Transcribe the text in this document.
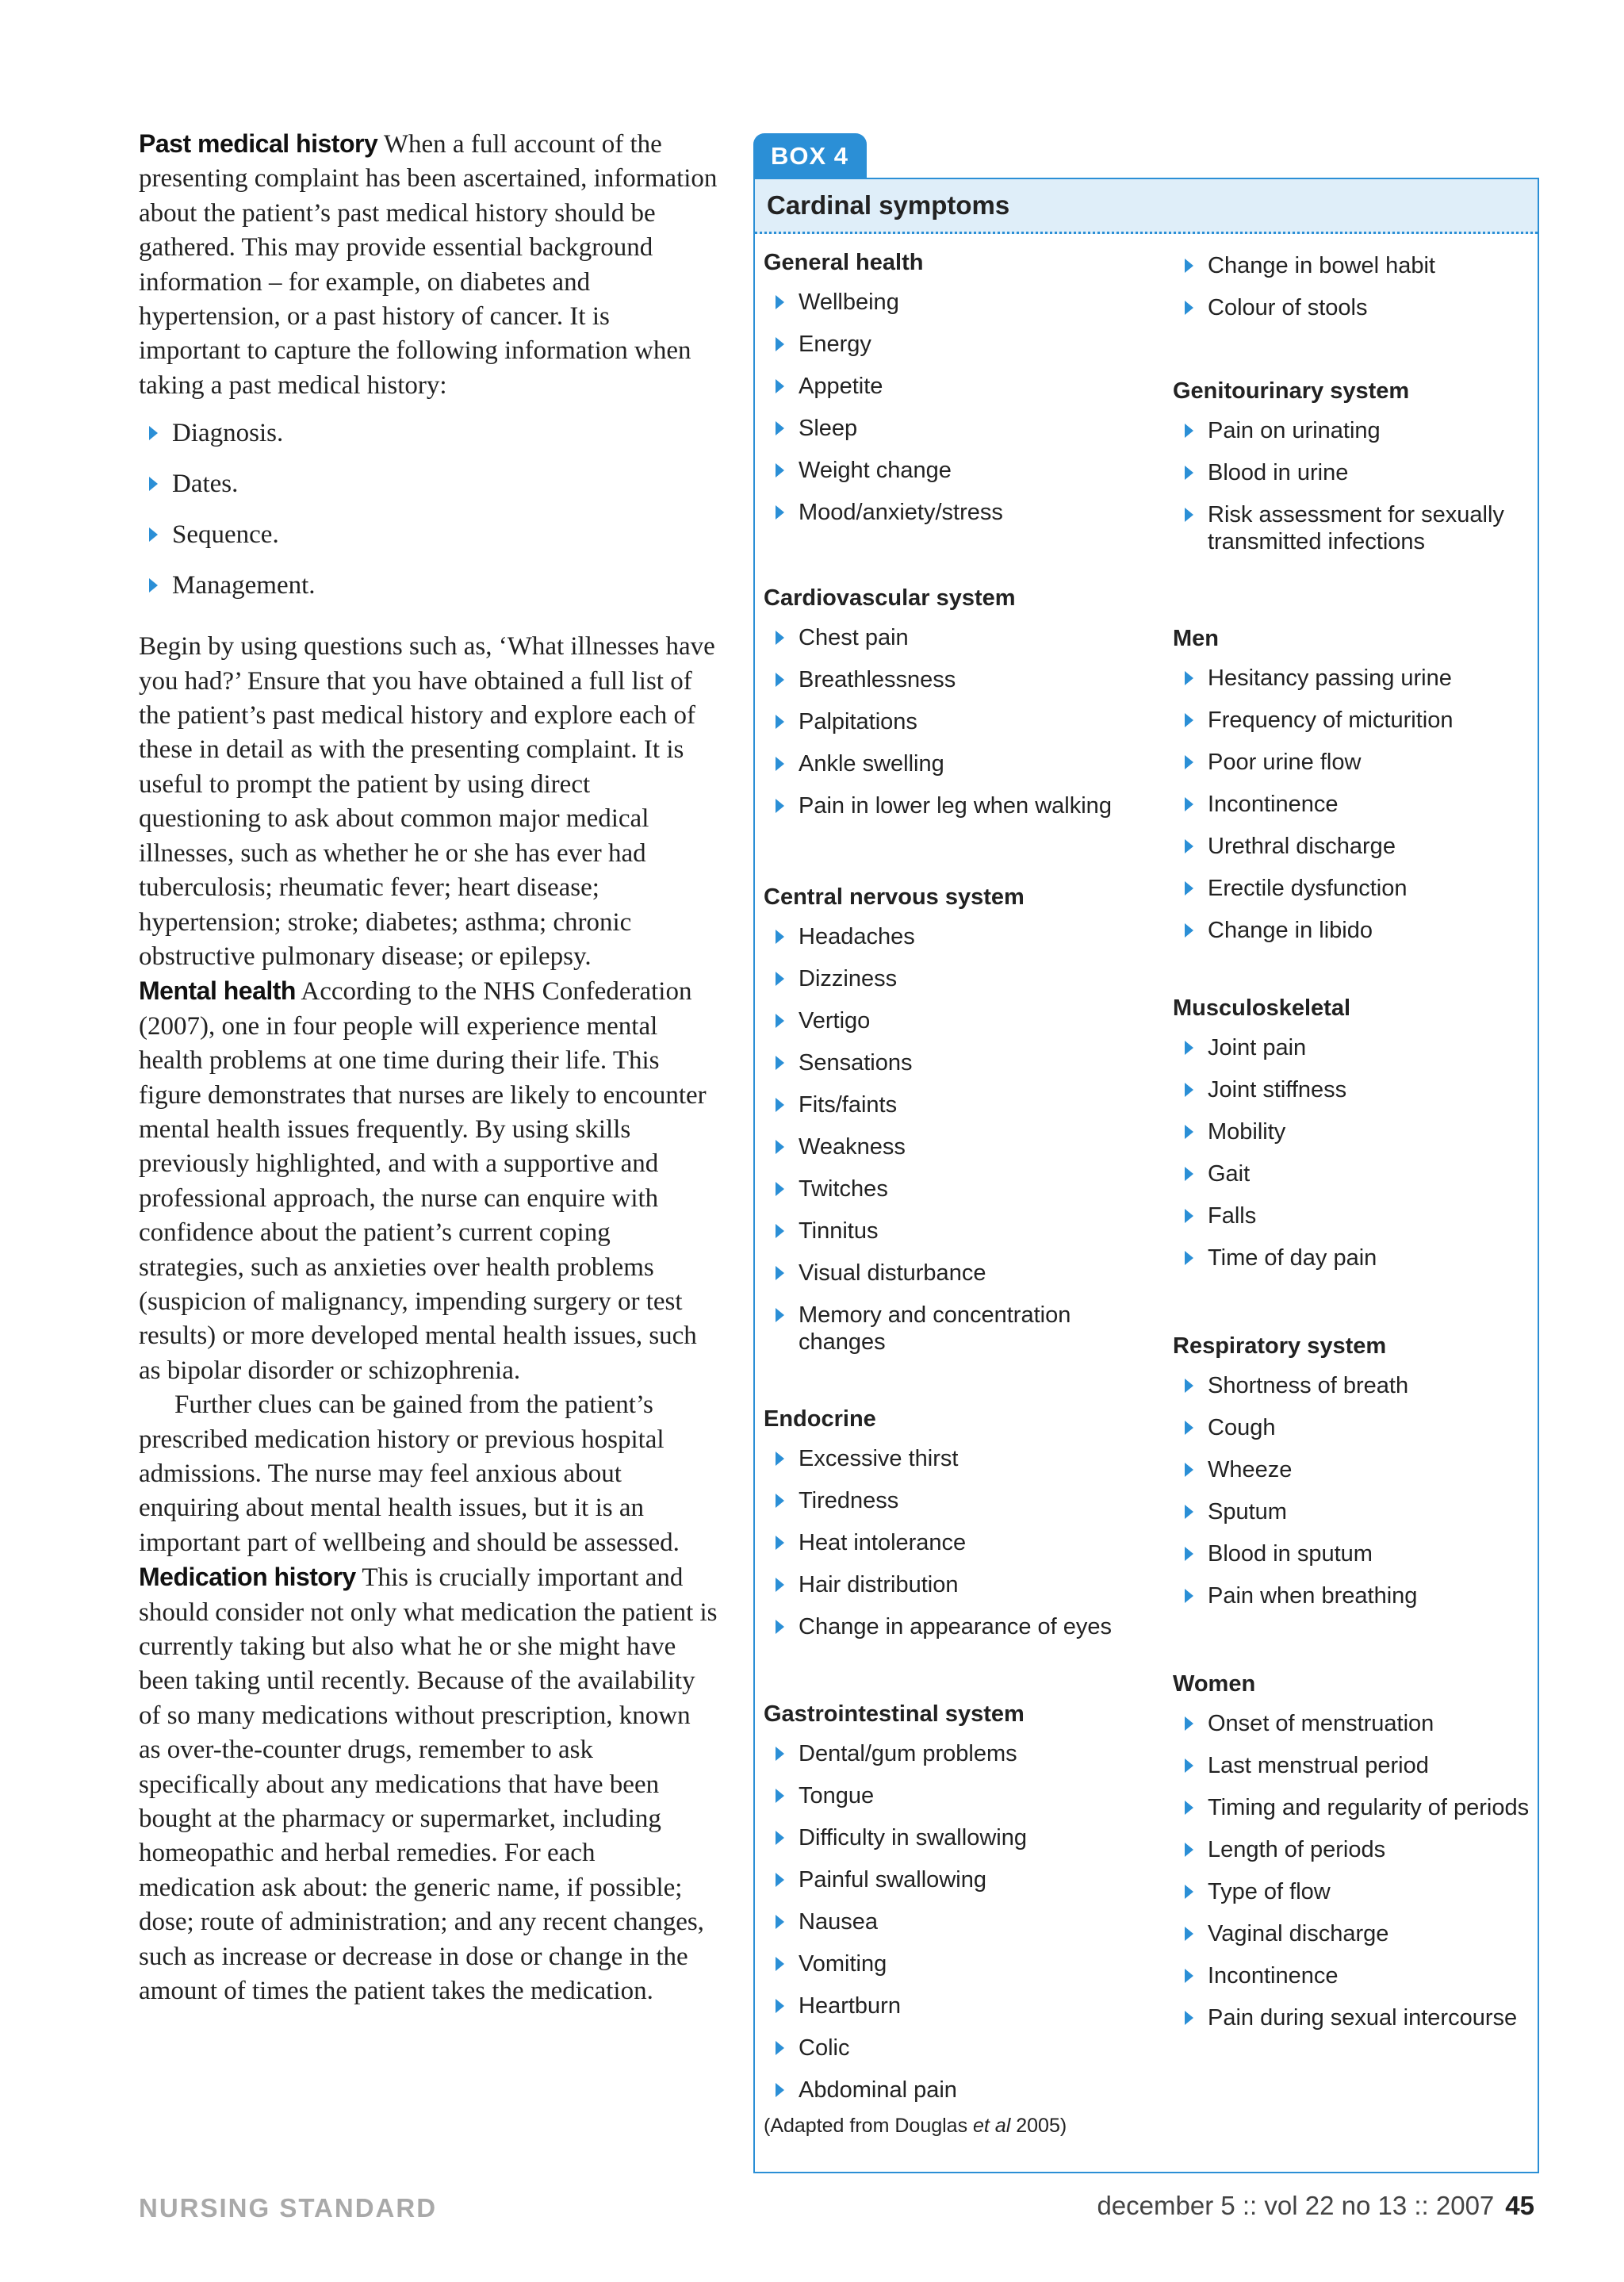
Past medical history When a full account of the presenting complaint has been ascertained, information about the patient’s past medical history should be gathered. This may provide essential background information – for example, on diabetes and hypertension, or a past history of cancer. It is important to capture the following information when taking a past medical history:

Diagnosis.
Dates.
Sequence.
Management.

Begin by using questions such as, ‘What illnesses have you had?’ Ensure that you have obtained a full list of the patient’s past medical history and explore each of these in detail as with the presenting complaint. It is useful to prompt the patient by using direct questioning to ask about common major medical illnesses, such as whether he or she has ever had tuberculosis; rheumatic fever; heart disease; hypertension; stroke; diabetes; asthma; chronic obstructive pulmonary disease; or epilepsy.

Mental health According to the NHS Confederation (2007), one in four people will experience mental health problems at one time during their life. This figure demonstrates that nurses are likely to encounter mental health issues frequently. By using skills previously highlighted, and with a supportive and professional approach, the nurse can enquire with confidence about the patient’s current coping strategies, such as anxieties over health problems (suspicion of malignancy, impending surgery or test results) or more developed mental health issues, such as bipolar disorder or schizophrenia.

Further clues can be gained from the patient’s prescribed medication history or previous hospital admissions. The nurse may feel anxious about enquiring about mental health issues, but it is an important part of wellbeing and should be assessed.

Medication history This is crucially important and should consider not only what medication the patient is currently taking but also what he or she might have been taking until recently. Because of the availability of so many medications without prescription, known as over-the-counter drugs, remember to ask specifically about any medications that have been bought at the pharmacy or supermarket, including homeopathic and herbal remedies. For each medication ask about: the generic name, if possible; dose; route of administration; and any recent changes, such as increase or decrease in dose or change in the amount of times the patient takes the medication.

BOX 4
Cardinal symptoms
General health
Wellbeing
Energy
Appetite
Sleep
Weight change
Mood/anxiety/stress
Cardiovascular system
Chest pain
Breathlessness
Palpitations
Ankle swelling
Pain in lower leg when walking
Central nervous system
Headaches
Dizziness
Vertigo
Sensations
Fits/faints
Weakness
Twitches
Tinnitus
Visual disturbance
Memory and concentration changes
Endocrine
Excessive thirst
Tiredness
Heat intolerance
Hair distribution
Change in appearance of eyes
Gastrointestinal system
Dental/gum problems
Tongue
Difficulty in swallowing
Painful swallowing
Nausea
Vomiting
Heartburn
Colic
Abdominal pain
Change in bowel habit
Colour of stools
Genitourinary system
Pain on urinating
Blood in urine
Risk assessment for sexually transmitted infections
Men
Hesitancy passing urine
Frequency of micturition
Poor urine flow
Incontinence
Urethral discharge
Erectile dysfunction
Change in libido
Musculoskeletal
Joint pain
Joint stiffness
Mobility
Gait
Falls
Time of day pain
Respiratory system
Shortness of breath
Cough
Wheeze
Sputum
Blood in sputum
Pain when breathing
Women
Onset of menstruation
Last menstrual period
Timing and regularity of periods
Length of periods
Type of flow
Vaginal discharge
Incontinence
Pain during sexual intercourse
(Adapted from Douglas et al 2005)
NURSING STANDARD	december 5 :: vol 22 no 13 :: 2007 45
